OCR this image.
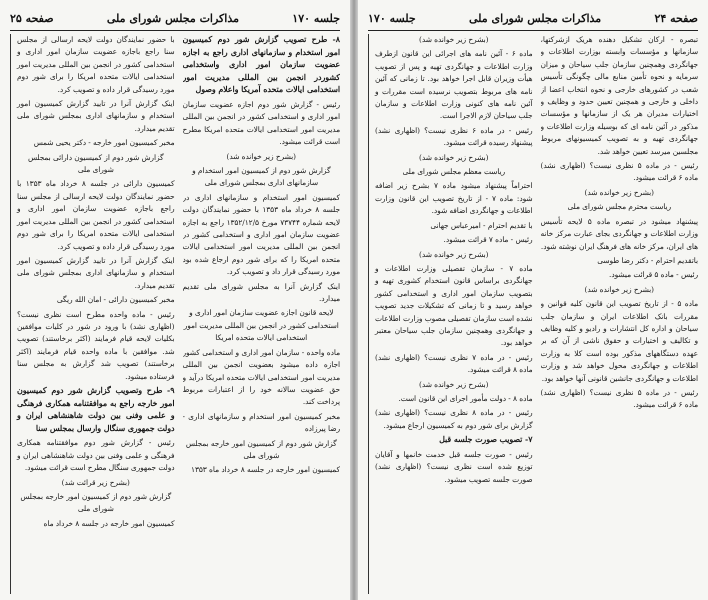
جلسه ۱۷۰
مذاکرات مجلس شورای ملی
صفحه ۲۵

۸- طرح تصویب گزارش شور دوم کمیسیون امور استخدام و سازمانهای اداری راجع به اجازه عضویت سازمان امور اداری واستخدامی کشوردر انجمن بین المللی مدیریت امور استخدامی ایالات متحده آمریکا واعلام وصول

رئیس - گزارش شور دوم اجازه عضویت سازمان امور اداری و استخدامی کشور در انجمن بین المللی مدیریت امور استخدامی ایالات متحده امریکا مطرح است قرائت میشود.

(بشرح زیر خوانده شد)

گزارش شور دوم از کمیسیون امور استخدام و سازمانهای اداری بمجلس شورای ملی

کمیسیون امور استخدام و سازمانهای اداری در جلسه ۸ خرداد ماه ۱۳۵۳ با حضور نمایندگان دولت لایحه شماره ۷۳۷۴۴ مورخ ۱۳۵۲/۱۲/۵ راجع به اجازه عضویت سازمان امور اداری و استخدامی کشور در انجمن بین المللی مدیریت امور استخدامی ایالات متحده امریکا را که برای شور دوم ارجاع شده بود مورد رسیدگی قرار داد و تصویب کرد.

اینک گزارش آنرا به مجلس شورای ملی تقدیم میدارد.

لایحه قانون اجازه عضویت سازمان امور اداری و استخدامی کشور در انجمن بین المللی مدیریت امور استخدامی ایالات متحده امریکا

ماده واحده - سازمان امور اداری و استخدامی کشور اجازه داده میشود بعضویت انجمن بین المللی مدیریت امور استخدامی ایالات متحده امریکا درآید و حق عضویت سالانه خود را از اعتبارات مربوط پرداخت کند.

مخبر کمیسیون امور استخدام و سازمانهای اداری - رضا پیرزاده

گزارش شور دوم از کمیسیون امور خارجه بمجلس شورای ملی

کمیسیون امور خارجه در جلسه ۸ خرداد ماه ۱۳۵۳

با حضور نمایندگان دولت لایحه ارسالی از مجلس سنا راجع باجازه عضویت سازمان امور اداری و استخدامی کشور در انجمن بین المللی مدیریت امور استخدامی ایالات متحده امریکا را برای شور دوم مورد رسیدگی قرار داده و تصویب کرد.

اینک گزارش آنرا در تایید گزارش کمیسیون امور استخدام و سازمانهای اداری بمجلس شورای ملی تقدیم میدارد.

مخبر کمیسیون امور خارجه - دکتر یحیی شمس

گزارش شور دوم از کمیسیون دارائی بمجلس شورای ملی

کمیسیون دارائی در جلسه ۸ خرداد ماه ۱۳۵۳ با حضور نمایندگان دولت لایحه ارسالی از مجلس سنا راجع باجازه عضویت سازمان امور اداری و استخدامی کشور در انجمن بین المللی مدیریت امور استخدامی ایالات متحده امریکا را برای شور دوم مورد رسیدگی قرار داده و تصویب کرد.

اینک گزارش آنرا در تایید گزارش کمیسیون امور استخدام و سازمانهای اداری بمجلس شورای ملی تقدیم میدارد.

مخبر کمیسیون دارائی - امان الله ریگی

رئیس - ماده واحده مطرح است نظری نیست؟ (اظهاری نشد) با ورود در شور در کلیات موافقین بکلیات لایحه قیام فرمایند (اکثر برخاستند) تصویب شد. موافقین با ماده واحده قیام فرمایند (اکثر برخاستند) تصویب شد گزارش به مجلس سنا فرستاده میشود.

۹- طرح وتصویب گزارش شور دوم کمیسیون امور خارجه راجع به موافقتنامه همکاری فرهنگی و علمی وفنی بین دولت شاهنشاهی ایران و دولت جمهوری سنگال وارسال بمجلس سنا

رئیس - گزارش شور دوم موافقتنامه همکاری فرهنگی و علمی وفنی بین دولت شاهنشاهی ایران و دولت جمهوری سنگال مطرح است قرائت میشود.

(بشرح زیر قرائت شد)

گزارش شور دوم از کمیسیون امور خارجه بمجلس شورای ملی

کمیسیون امور خارجه در جلسه ۸ خرداد ماه

صفحه ۲۴
مذاکرات مجلس شورای ملی
جلسه ۱۷۰

تبصره - ارکان تشکیل دهنده هریک ازشرکتها، سازمانها و مؤسسات وابسته بوزارت اطلاعات و جهانگردی وهمچنین سازمان جلب سیاحان و میزان سرمایه و نحوه تأمین منابع مالی چگونگی تأسیس شعب در کشورهای خارجی و نحوه انتخاب اعضا از داخلی و خارجی و همچنین تعیین حدود و وظایف و اختیارات مدیران هر یک از سازمانها و مؤسسات مذکور در آئین نامه ای که بوسیله وزارت اطلاعات و جهانگردی تهیه و به تصویب کمیسیونهای مربوط مجلسین میرسد تعیین خواهد شد.

رئیس - در ماده ۵ نظری نیست؟ (اظهاری نشد) ماده ۶ قرائت میشود.

(بشرح زیر خوانده شد)

ریاست محترم مجلس شورای ملی

پیشنهاد میشود در تبصره ماده ۵ لایحه تأسیس وزارت اطلاعات و جهانگردی بجای عبارت مرکز خانه های ایران، مرکز خانه های فرهنگ ایران نوشته شود.

باتقدیم احترام - دکتر رضا طوسی

رئیس - ماده ۵ قرائت میشود.

(بشرح زیر خوانده شد)

ماده ۵ - از تاریخ تصویب این قانون کلیه قوانین و مقررات بانک اطلاعات ایران و سازمان جلب سیاحان و اداره کل انتشارات و رادیو و کلیه وظایف و تکالیف و اختیارات و حقوق ناشی از آن که بر عهده دستگاههای مذکور بوده است کلا به وزارت اطلاعات و جهانگردی محول خواهد شد و وزارت اطلاعات و جهانگردی جانشین قانونی آنها خواهد بود.

رئیس - در ماده ۵ نظری نیست؟ (اظهاری نشد) ماده ۶ قرائت میشود.

(بشرح زیر خوانده شد)

ماده ۶ - آئین نامه های اجرائی این قانون ازطرف وزارت اطلاعات و جهانگردی تهیه و پس از تصویب هیأت وزیران قابل اجرا خواهد بود. تا زمانی که آئین نامه های مربوط بتصویب نرسیده است مقررات و آئین نامه های کنونی وزارت اطلاعات و سازمان جلب سیاحان لازم الاجرا است.

رئیس - در ماده ۶ نظری نیست؟ (اظهاری نشد) پیشنهاد رسیده قرائت میشود.

(بشرح زیر خوانده شد)

ریاست معظم مجلس شورای ملی

احتراماً پیشنهاد میشود ماده ۷ بشرح زیر اضافه شود: ماده ۷ - از تاریخ تصویب این قانون وزارت اطلاعات و جهانگردی اضافه شود.

با تقدیم احترام - امیرعباس جهانی

رئیس - ماده ۷ قرائت میشود.

(بشرح زیر خوانده شد)

ماده ۷ - سازمان تفصیلی وزارت اطلاعات و جهانگردی براساس قانون استخدام کشوری تهیه و بتصویب سازمان امور اداری و استخدامی کشور خواهد رسید و تا زمانی که تشکیلات جدید تصویب نشده است سازمان تفصیلی مصوب وزارت اطلاعات و جهانگردی وهمچنین سازمان جلب سیاحان معتبر خواهد بود.

رئیس - در ماده ۷ نظری نیست؟ (اظهاری نشد) ماده ۸ قرائت میشود.

(بشرح زیر خوانده شد)

ماده ۸ - دولت مأمور اجرای این قانون است.

رئیس - در ماده ۸ نظری نیست؟ (اظهاری نشد) گزارش برای شور دوم به کمیسیون ارجاع میشود.

۷- تصویب صورت جلسه قبل

رئیس - صورت جلسه قبل خدمت خانمها و آقایان توزیع شده است نظری نیست؟ (اظهاری نشد) صورت جلسه تصویب میشود.
